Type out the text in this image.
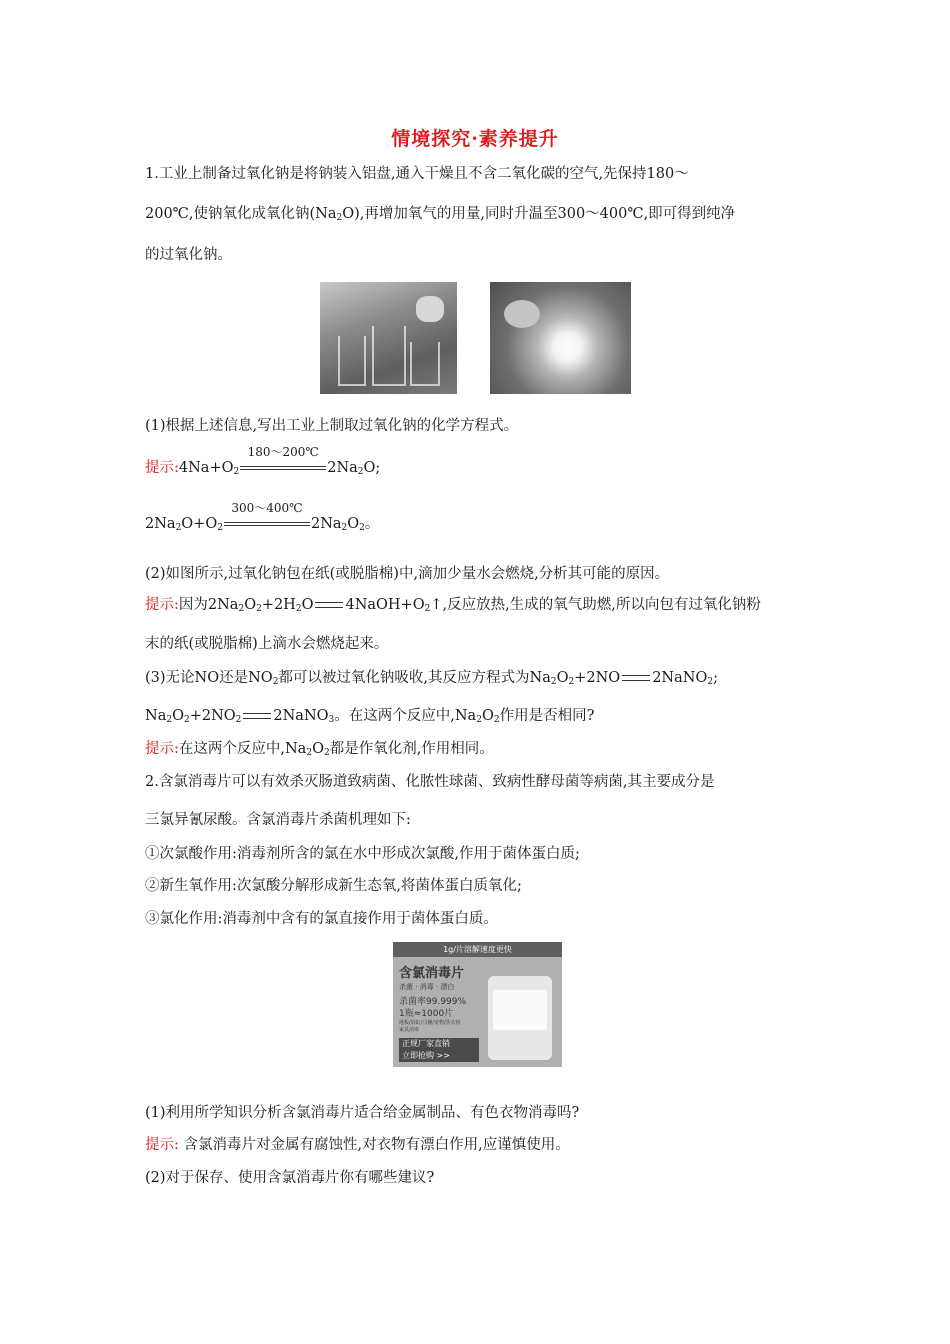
情境探究·素养提升
1.工业上制备过氧化钠是将钠装入铝盘,通入干燥且不含二氧化碳的空气,先保持180～
200℃,使钠氧化成氧化钠$(Na_2O)$,再增加氧气的用量,同时升温至300～400℃,即可得到纯净
的过氧化钠。
(1)根据上述信息,写出工业上制取过氧化钠的化学方程式。
提示$:4Na+O_2$
180～200℃
$2Na_2O$;
$2Na_2O+O_2$
300～400℃
$2Na_2O_2$。
(2)如图所示,过氧化钠包在纸(或脱脂棉)中,滴加少量水会燃烧,分析其可能的原因。
提示:因为$2Na_2O_2+2H_2O$ $4NaOH+O_2↑$,反应放热,生成的氧气助燃,所以向包有过氧化钠粉
末的纸(或脱脂棉)上滴水会燃烧起来。
(3)无论NO还是$NO_2$都可以被过氧化钠吸收,其反应方程式为$Na_2O_2+2NO$ 2NaNO$_2$;
$Na_2O_2+2NO_2$ 2NaNO$_3$。在这两个反应中$,Na_2O_2$作用是否相同?
提示:在这两个反应中$,Na_2O_2$都是作氧化剂,作用相同。
2.含氯消毒片可以有效杀灭肠道致病菌、化脓性球菌、致病性酵母菌等病菌,其主要成分是
三氯异氰尿酸。含氯消毒片杀菌机理如下:
①次氯酸作用:消毒剂所含的氯在水中形成次氯酸,作用于菌体蛋白质;
②新生氧作用:次氯酸分解形成新生态氧,将菌体蛋白质氧化;
③氯化作用:消毒剂中含有的氯直接作用于菌体蛋白质。
1g/片溶解速度更快
含氯消毒片
杀菌 · 消毒 · 漂白
杀菌率99.999%
1瓶≈1000片
地板/浴缸/马桶/宠物/洗衣机
家具消毒
正规厂家直销
立即抢购 >>
(1)利用所学知识分析含氯消毒片适合给金属制品、有色衣物消毒吗?
提示: 含氯消毒片对金属有腐蚀性,对衣物有漂白作用,应谨慎使用。
(2)对于保存、使用含氯消毒片你有哪些建议?
